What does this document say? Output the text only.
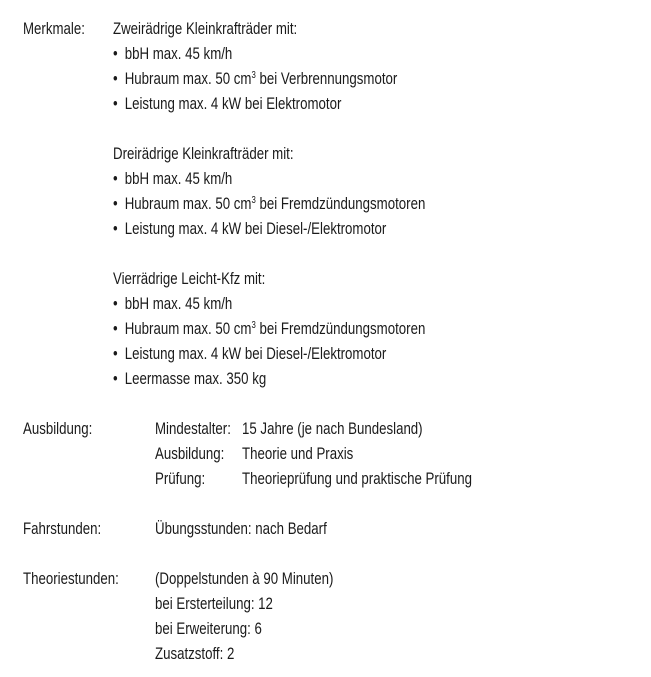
Merkmale: Zweirädrige Kleinkrafträder mit:
• bbH max. 45 km/h
• Hubraum max. 50 $cm^3$ bei Verbrennungsmotor
• Leistung max. 4 kW bei Elektromotor
Dreirädrige Kleinkrafträder mit:
• bbH max. 45 km/h
• Hubraum max. 50 $cm^3$ bei Fremdzündungsmotoren
• Leistung max. 4 kW bei Diesel-/Elektromotor
Vierrädrige Leicht-Kfz mit:
• bbH max. 45 km/h
• Hubraum max. 50 $cm^3$ bei Fremdzündungsmotoren
• Leistung max. 4 kW bei Diesel-/Elektromotor
• Leermasse max. 350 kg
Ausbildung:	Mindestalter: 15 Jahre (je nach Bundesland)
Ausbildung: Theorie und Praxis
Prüfung: Theorieprüfung und praktische Prüfung
Fahrstunden:	Übungsstunden: nach Bedarf
Theoriestunden: (Doppelstunden à 90 Minuten)
bei Ersterteilung: 12
bei Erweiterung: 6
Zusatzstoff: 2
